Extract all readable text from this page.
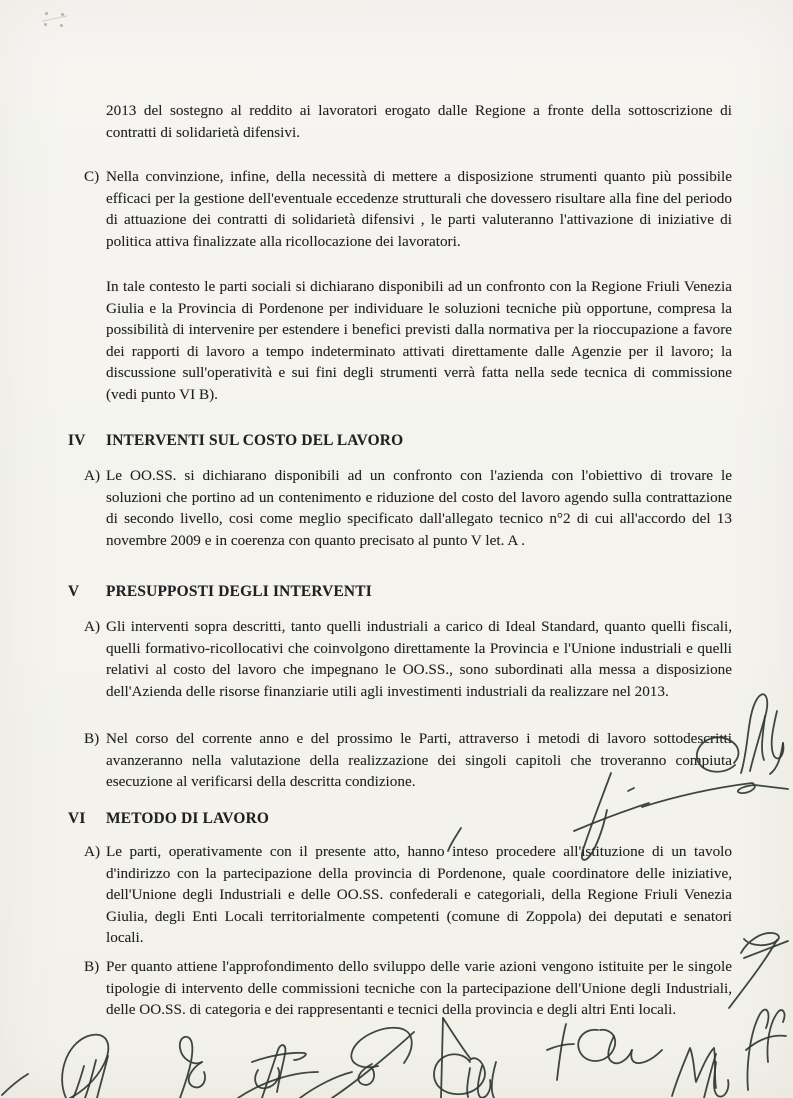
2013 del sostegno al reddito ai lavoratori erogato dalle Regione a fronte della sottoscrizione di contratti di solidarietà difensivi.
C) Nella convinzione, infine, della necessità di mettere a disposizione strumenti quanto più possibile efficaci per la gestione dell'eventuale eccedenze strutturali che dovessero risultare alla fine del periodo di attuazione dei contratti di solidarietà difensivi , le parti valuteranno l'attivazione di iniziative di politica attiva finalizzate alla ricollocazione dei lavoratori.
In tale contesto le parti sociali si dichiarano disponibili ad un confronto con la Regione Friuli Venezia Giulia e la Provincia di Pordenone per individuare le soluzioni tecniche più opportune, compresa la possibilità di intervenire per estendere i benefici previsti dalla normativa per la rioccupazione a favore dei rapporti di lavoro a tempo indeterminato attivati direttamente dalle Agenzie per il lavoro; la discussione sull'operatività e sui fini degli strumenti verrà fatta nella sede tecnica di commissione (vedi punto VI B).
IV INTERVENTI SUL COSTO DEL LAVORO
A) Le OO.SS. si dichiarano disponibili ad un confronto con l'azienda con l'obiettivo di trovare le soluzioni che portino ad un contenimento e riduzione del costo del lavoro agendo sulla contrattazione di secondo livello, cosi come meglio specificato dall'allegato tecnico n°2 di cui all'accordo del 13 novembre 2009 e in coerenza con quanto precisato al punto V let. A .
V PRESUPPOSTI DEGLI INTERVENTI
A) Gli interventi sopra descritti, tanto quelli industriali a carico di Ideal Standard, quanto quelli fiscali, quelli formativo-ricollocativi che coinvolgono direttamente la Provincia e l'Unione industriali e quelli relativi al costo del lavoro che impegnano le OO.SS., sono subordinati alla messa a disposizione dell'Azienda delle risorse finanziarie utili agli investimenti industriali da realizzare nel 2013.
B) Nel corso del corrente anno e del prossimo le Parti, attraverso i metodi di lavoro sottodescritti avanzeranno nella valutazione della realizzazione dei singoli capitoli che troveranno compiuta esecuzione al verificarsi della descritta condizione.
VI METODO DI LAVORO
A) Le parti, operativamente con il presente atto, hanno inteso procedere all'istituzione di un tavolo d'indirizzo con la partecipazione della provincia di Pordenone, quale coordinatore delle iniziative, dell'Unione degli Industriali e delle OO.SS. confederali e categoriali, della Regione Friuli Venezia Giulia, degli Enti Locali territorialmente competenti (comune di Zoppola) dei deputati e senatori locali.
B) Per quanto attiene l'approfondimento dello sviluppo delle varie azioni vengono istituite per le singole tipologie di intervento delle commissioni tecniche con la partecipazione dell'Unione degli Industriali, delle OO.SS. di categoria e dei rappresentanti e tecnici della provincia e degli altri Enti locali.
